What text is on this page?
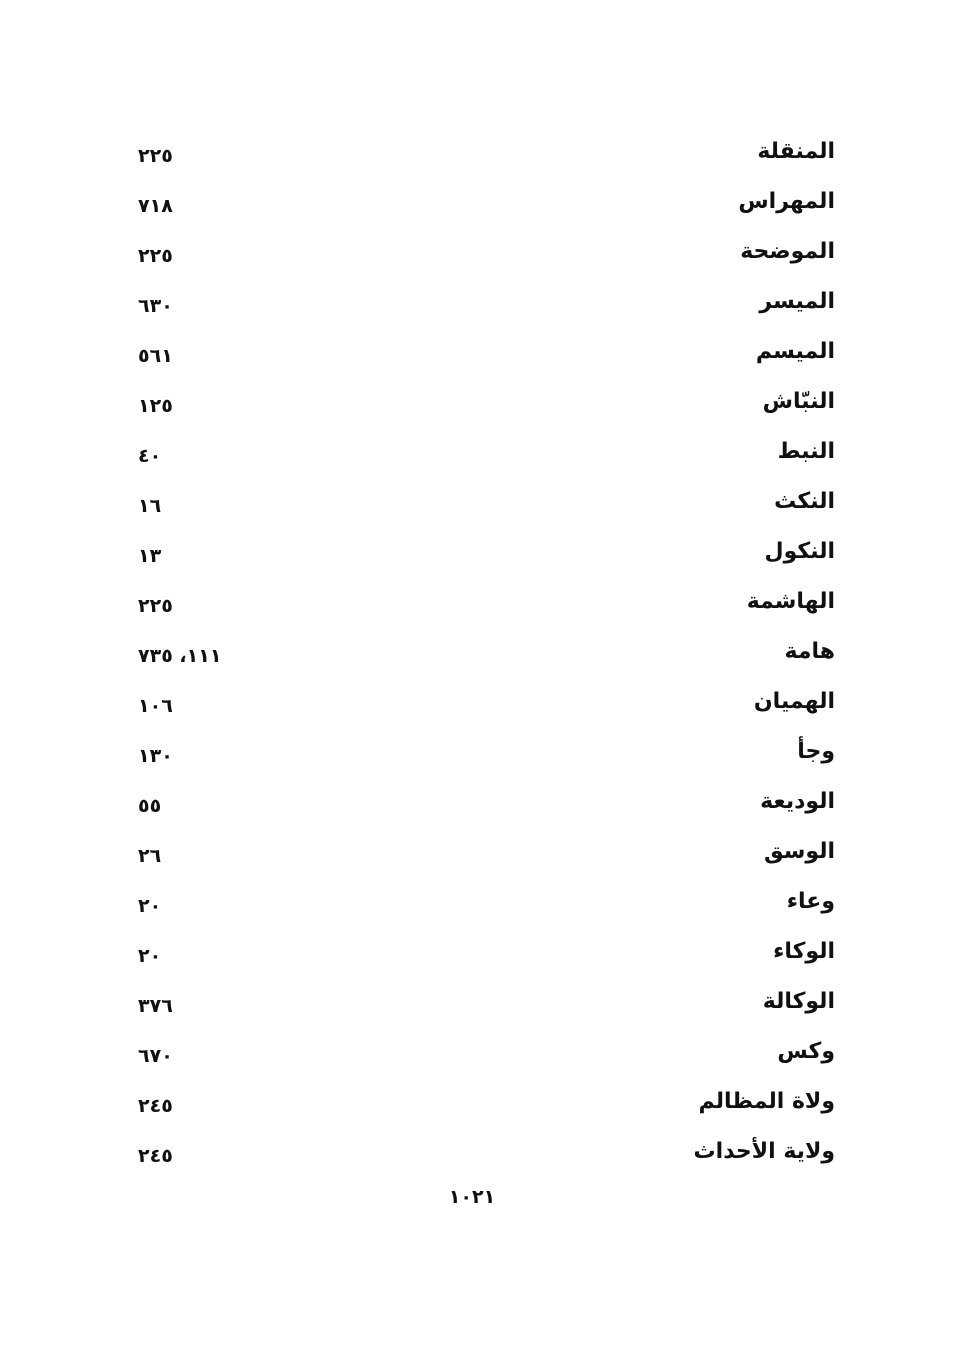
المنقلة
٢٢٥
المهراس
٧١٨
الموضحة
٢٢٥
الميسر
٦٣٠
الميسم
٥٦١
النبّاش
١٢٥
النبط
٤٠
النكث
١٦
النكول
١٣
الهاشمة
٢٢٥
هامة
١١١، ٧٣٥
الهميان
١٠٦
وجأ
١٣٠
الوديعة
٥٥
الوسق
٢٦
وعاء
٢٠
الوكاء
٢٠
الوكالة
٣٧٦
وكس
٦٧٠
ولاة المظالم
٢٤٥
ولاية الأحداث
٢٤٥
١٠٢١
